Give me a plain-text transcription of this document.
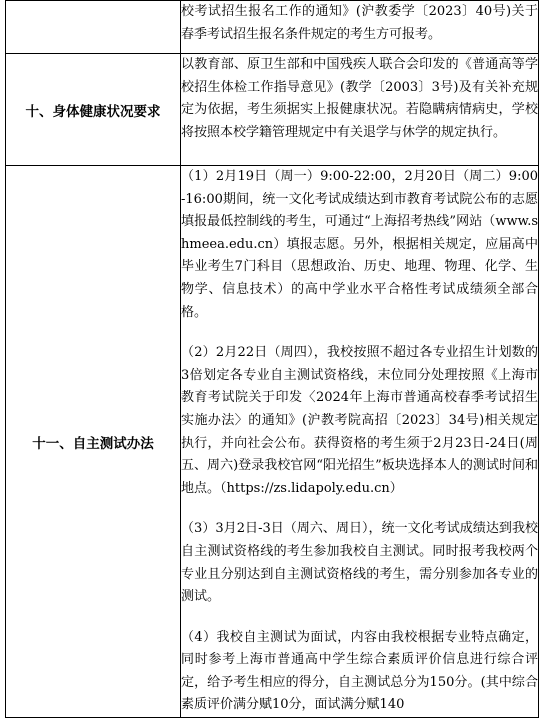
	校考试招生报名工作的通知》(沪教委学〔2023〕40号)关于春季考试招生报名条件规定的考生方可报考。

十、身体健康状况要求	以教育部、原卫生部和中国残疾人联合会印发的《普通高等学校招生体检工作指导意见》(教学〔2003〕3号)及有关补充规定为依据，考生须据实上报健康状况。若隐瞒病情病史，学校将按照本校学籍管理规定中有关退学与休学的规定执行。

十一、自主测试办法	（1）2月19日（周一）9:00-22:00，2月20日（周二）9:00-16:00期间，统一文化考试成绩达到市教育考试院公布的志愿填报最低控制线的考生，可通过“上海招考热线”网站（www.shmeea.edu.cn）填报志愿。另外，根据相关规定，应届高中毕业考生7门科目（思想政治、历史、地理、物理、化学、生物学、信息技术）的高中学业水平合格性考试成绩须全部合格。

（2）2月22日（周四），我校按照不超过各专业招生计划数的3倍划定各专业自主测试资格线，末位同分处理按照《上海市教育考试院关于印发〈2024年上海市普通高校春季考试招生实施办法〉的通知》(沪教考院高招〔2023〕34号)相关规定执行，并向社会公布。获得资格的考生须于2月23日-24日(周五、周六)登录我校官网“阳光招生”板块选择本人的测试时间和地点。（https://zs.lidapoly.edu.cn）

（3）3月2日-3日（周六、周日），统一文化考试成绩达到我校自主测试资格线的考生参加我校自主测试。同时报考我校两个专业且分别达到自主测试资格线的考生，需分别参加各专业的测试。

（4）我校自主测试为面试，内容由我校根据专业特点确定，同时参考上海市普通高中学生综合素质评价信息进行综合评定，给予考生相应的得分，自主测试总分为150分。(其中综合素质评价满分赋10分，面试满分赋140
